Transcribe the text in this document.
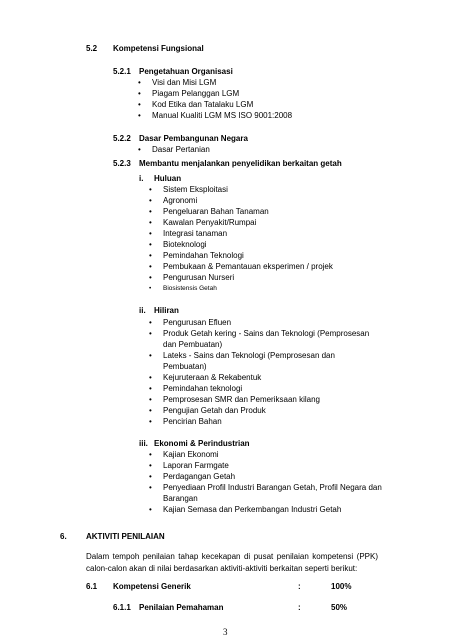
5.2 Kompetensi Fungsional
5.2.1 Pengetahuan Organisasi
• Visi dan Misi LGM
• Piagam Pelanggan LGM
• Kod Etika dan Tatalaku LGM
• Manual Kualiti LGM MS ISO 9001:2008
5.2.2 Dasar Pembangunan Negara
• Dasar Pertanian
5.2.3 Membantu menjalankan penyelidikan berkaitan getah
i. Huluan
• Sistem Eksploitasi
• Agronomi
• Pengeluaran Bahan Tanaman
• Kawalan Penyakit/Rumpai
• Integrasi tanaman
• Bioteknologi
• Pemindahan Teknologi
• Pembukaan & Pemantauan eksperimen / projek
• Pengurusan Nurseri
• Biosistensis Getah
ii. Hiliran
• Pengurusan Efluen
• Produk Getah kering - Sains dan Teknologi (Pemprosesan
dan Pembuatan)
• Lateks - Sains dan Teknologi (Pemprosesan dan
Pembuatan)
• Kejuruteraan & Rekabentuk
• Pemindahan teknologi
• Pemprosesan SMR dan Pemeriksaan kilang
• Pengujian Getah dan Produk
• Pencirian Bahan
iii. Ekonomi & Perindustrian
• Kajian Ekonomi
• Laporan Farmgate
• Perdagangan Getah
• Penyediaan Profil Industri Barangan Getah, Profil Negara dan
Barangan
• Kajian Semasa dan Perkembangan Industri Getah
6. AKTIVITI PENILAIAN
Dalam tempoh penilaian tahap kecekapan di pusat penilaian kompetensi (PPK) calon-calon akan di nilai berdasarkan aktiviti-aktiviti berkaitan seperti berikut:
6.1 Kompetensi Generik	:	100%
6.1.1 Penilaian Pemahaman	:	50%
3
